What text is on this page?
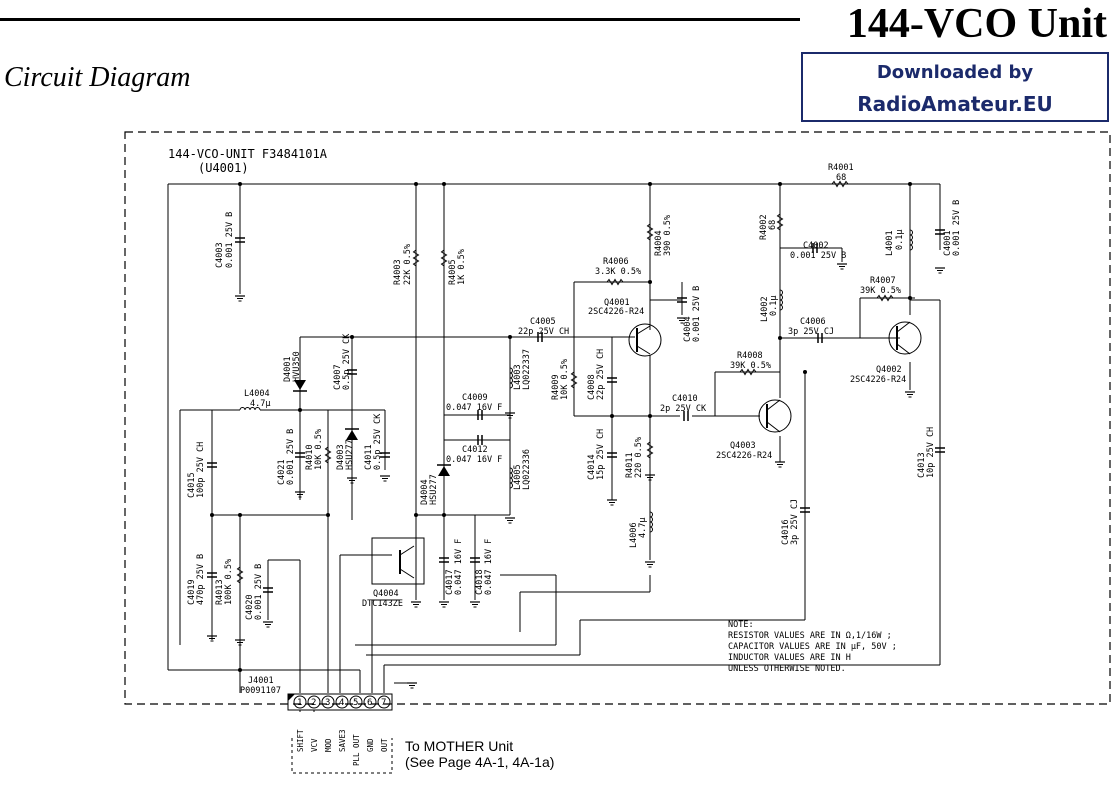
144-VCO Unit
Circuit Diagram	Downloaded by
RadioAmateur.EU
144-VCO-UNIT F3484101A
(U4001)
C4003 0.001 25V B
R4003 22K 0.5%	R4005 1K 0.5%	R4006
3.3K 0.5%
R4004 390 0.5%
C4004 0.001 25V B
C4005
22p 25V CH
Q4001
2SC4226-R24
R4001
68
R4002 68
C4002
0.001 25V B	L4001 0.1μ	C4001 0.001 25V B
R4007
39K 0.5%
L4002 0.1μ
C4006
3p 25V CJ
Q4002
2SC4226-R24
R4008
39K 0.5%
C4010
2p 25V CK
Q4003
2SC4226-R24
D4001 HVU350	C4007 0.5p 25V CK
L4004
4.7μ
C4021 0.001 25V B R4010 10K 0.5% D4003 HSU277 C4011 0.5p 25V CK
C4009
0.047 16V F
C4012
0.047 16V F
L4003 LQ022337
L4005 LQ022336
R4009 10K 0.5% C4008 22p 25V CH
C4014 15p 25V CH R4011 220 0.5%
L4006 4.7μ	C4016 3p 25V CJ
C4013 10p 25V CH
C4015 100p 25V CH
C4019 470p 25V B R4013 100K 0.5%
C4020 0.001 25V B
D4004 HSU277
C4017 0.047 16V F C4018 0.047 16V F
Q4004
DTC143ZE
NOTE:
RESISTOR VALUES ARE IN Ω,1/16W ;
CAPACITOR VALUES ARE IN μF, 50V ;
INDUCTOR VALUES ARE IN H
UNLESS OTHERWISE NOTED.
J4001
P0091107
1 2 3 4 5 6 7
SHIFT VCV MOD SAVE3 PLL OUT GND OUT To MOTHER Unit
(See Page 4A-1, 4A-1a)
